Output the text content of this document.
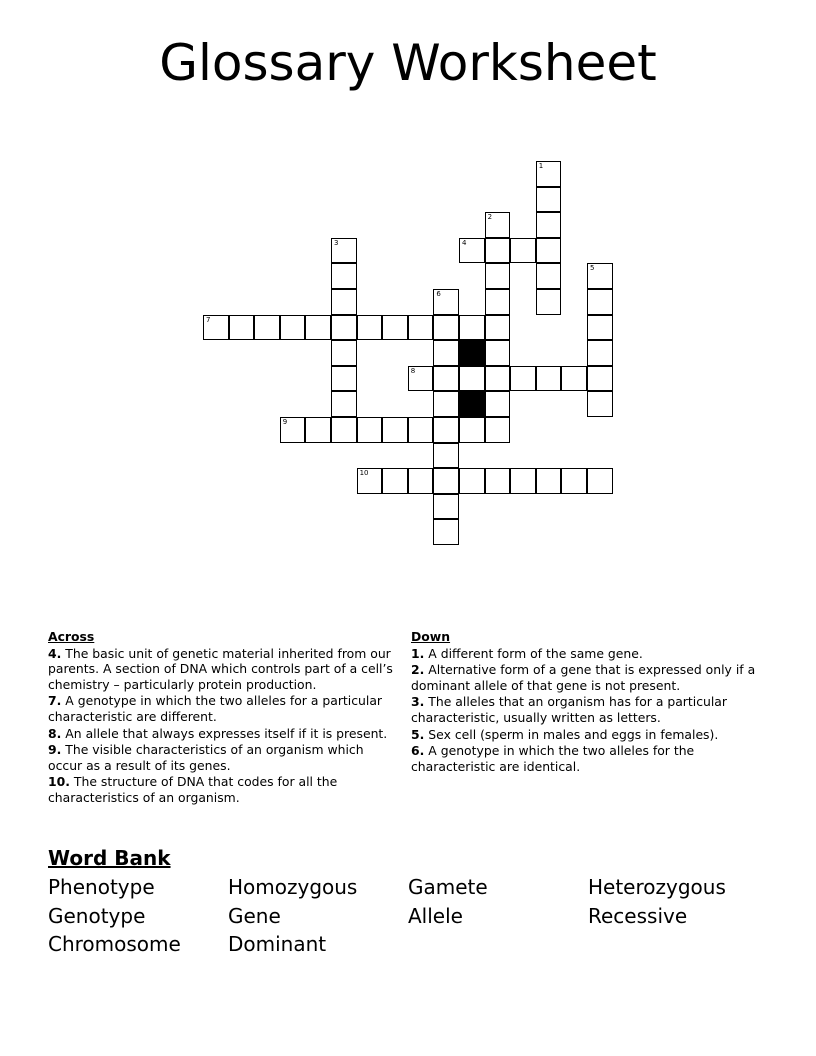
Glossary Worksheet
1
2
3	4
5
6
7
8
9
10
Across
4. The basic unit of genetic material inherited from our parents. A section of DNA which controls part of a cell’s chemistry – particularly protein production.
7. A genotype in which the two alleles for a particular characteristic are different.
8. An allele that always expresses itself if it is present.
9. The visible characteristics of an organism which occur as a result of its genes.
10. The structure of DNA that codes for all the characteristics of an organism.
Down
1. A different form of the same gene.
2. Alternative form of a gene that is expressed only if a dominant allele of that gene is not present.
3. The alleles that an organism has for a particular characteristic, usually written as letters.
5. Sex cell (sperm in males and eggs in females).
6. A genotype in which the two alleles for the characteristic are identical.
Word Bank
Phenotype	Homozygous	Gamete	Heterozygous
Genotype	Gene	Allele	Recessive
Chromosome	Dominant
